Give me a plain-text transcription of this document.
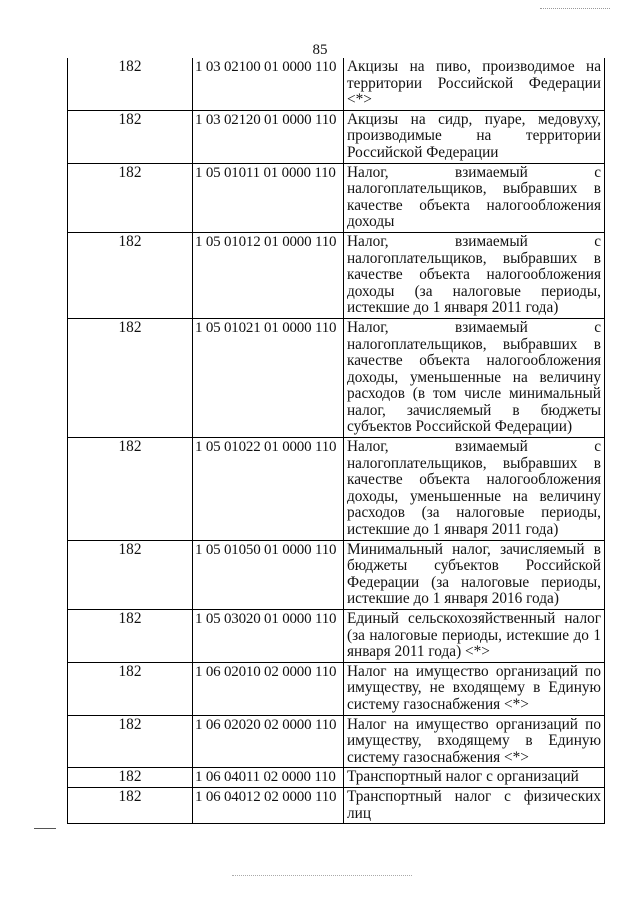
85
182	1 03 02100 01 0000 110	Акцизы на пиво, производимое на территории Российской Федерации <*>
182	1 03 02120 01 0000 110	Акцизы на сидр, пуаре, медовуху, производимые на территории Российской Федерации
182	1 05 01011 01 0000 110	Налог, взимаемый с налогоплательщиков, выбравших в качестве объекта налогообложения доходы
182	1 05 01012 01 0000 110	Налог, взимаемый с налогоплательщиков, выбравших в качестве объекта налогообложения доходы (за налоговые периоды, истекшие до 1 января 2011 года)
182	1 05 01021 01 0000 110	Налог, взимаемый с налогоплательщиков, выбравших в качестве объекта налогообложения доходы, уменьшенные на величину расходов (в том числе минимальный налог, зачисляемый в бюджеты субъектов Российской Федерации)
182	1 05 01022 01 0000 110	Налог, взимаемый с налогоплательщиков, выбравших в качестве объекта налогообложения доходы, уменьшенные на величину расходов (за налоговые периоды, истекшие до 1 января 2011 года)
182	1 05 01050 01 0000 110	Минимальный налог, зачисляемый в бюджеты субъектов Российской Федерации (за налоговые периоды, истекшие до 1 января 2016 года)
182	1 05 03020 01 0000 110	Единый сельскохозяйственный налог (за налоговые периоды, истекшие до 1 января 2011 года) <*>
182	1 06 02010 02 0000 110	Налог на имущество организаций по имуществу, не входящему в Единую систему газоснабжения <*>
182	1 06 02020 02 0000 110	Налог на имущество организаций по имуществу, входящему в Единую систему газоснабжения <*>
182	1 06 04011 02 0000 110	Транспортный налог с организаций
182	1 06 04012 02 0000 110	Транспортный налог с физических лиц
